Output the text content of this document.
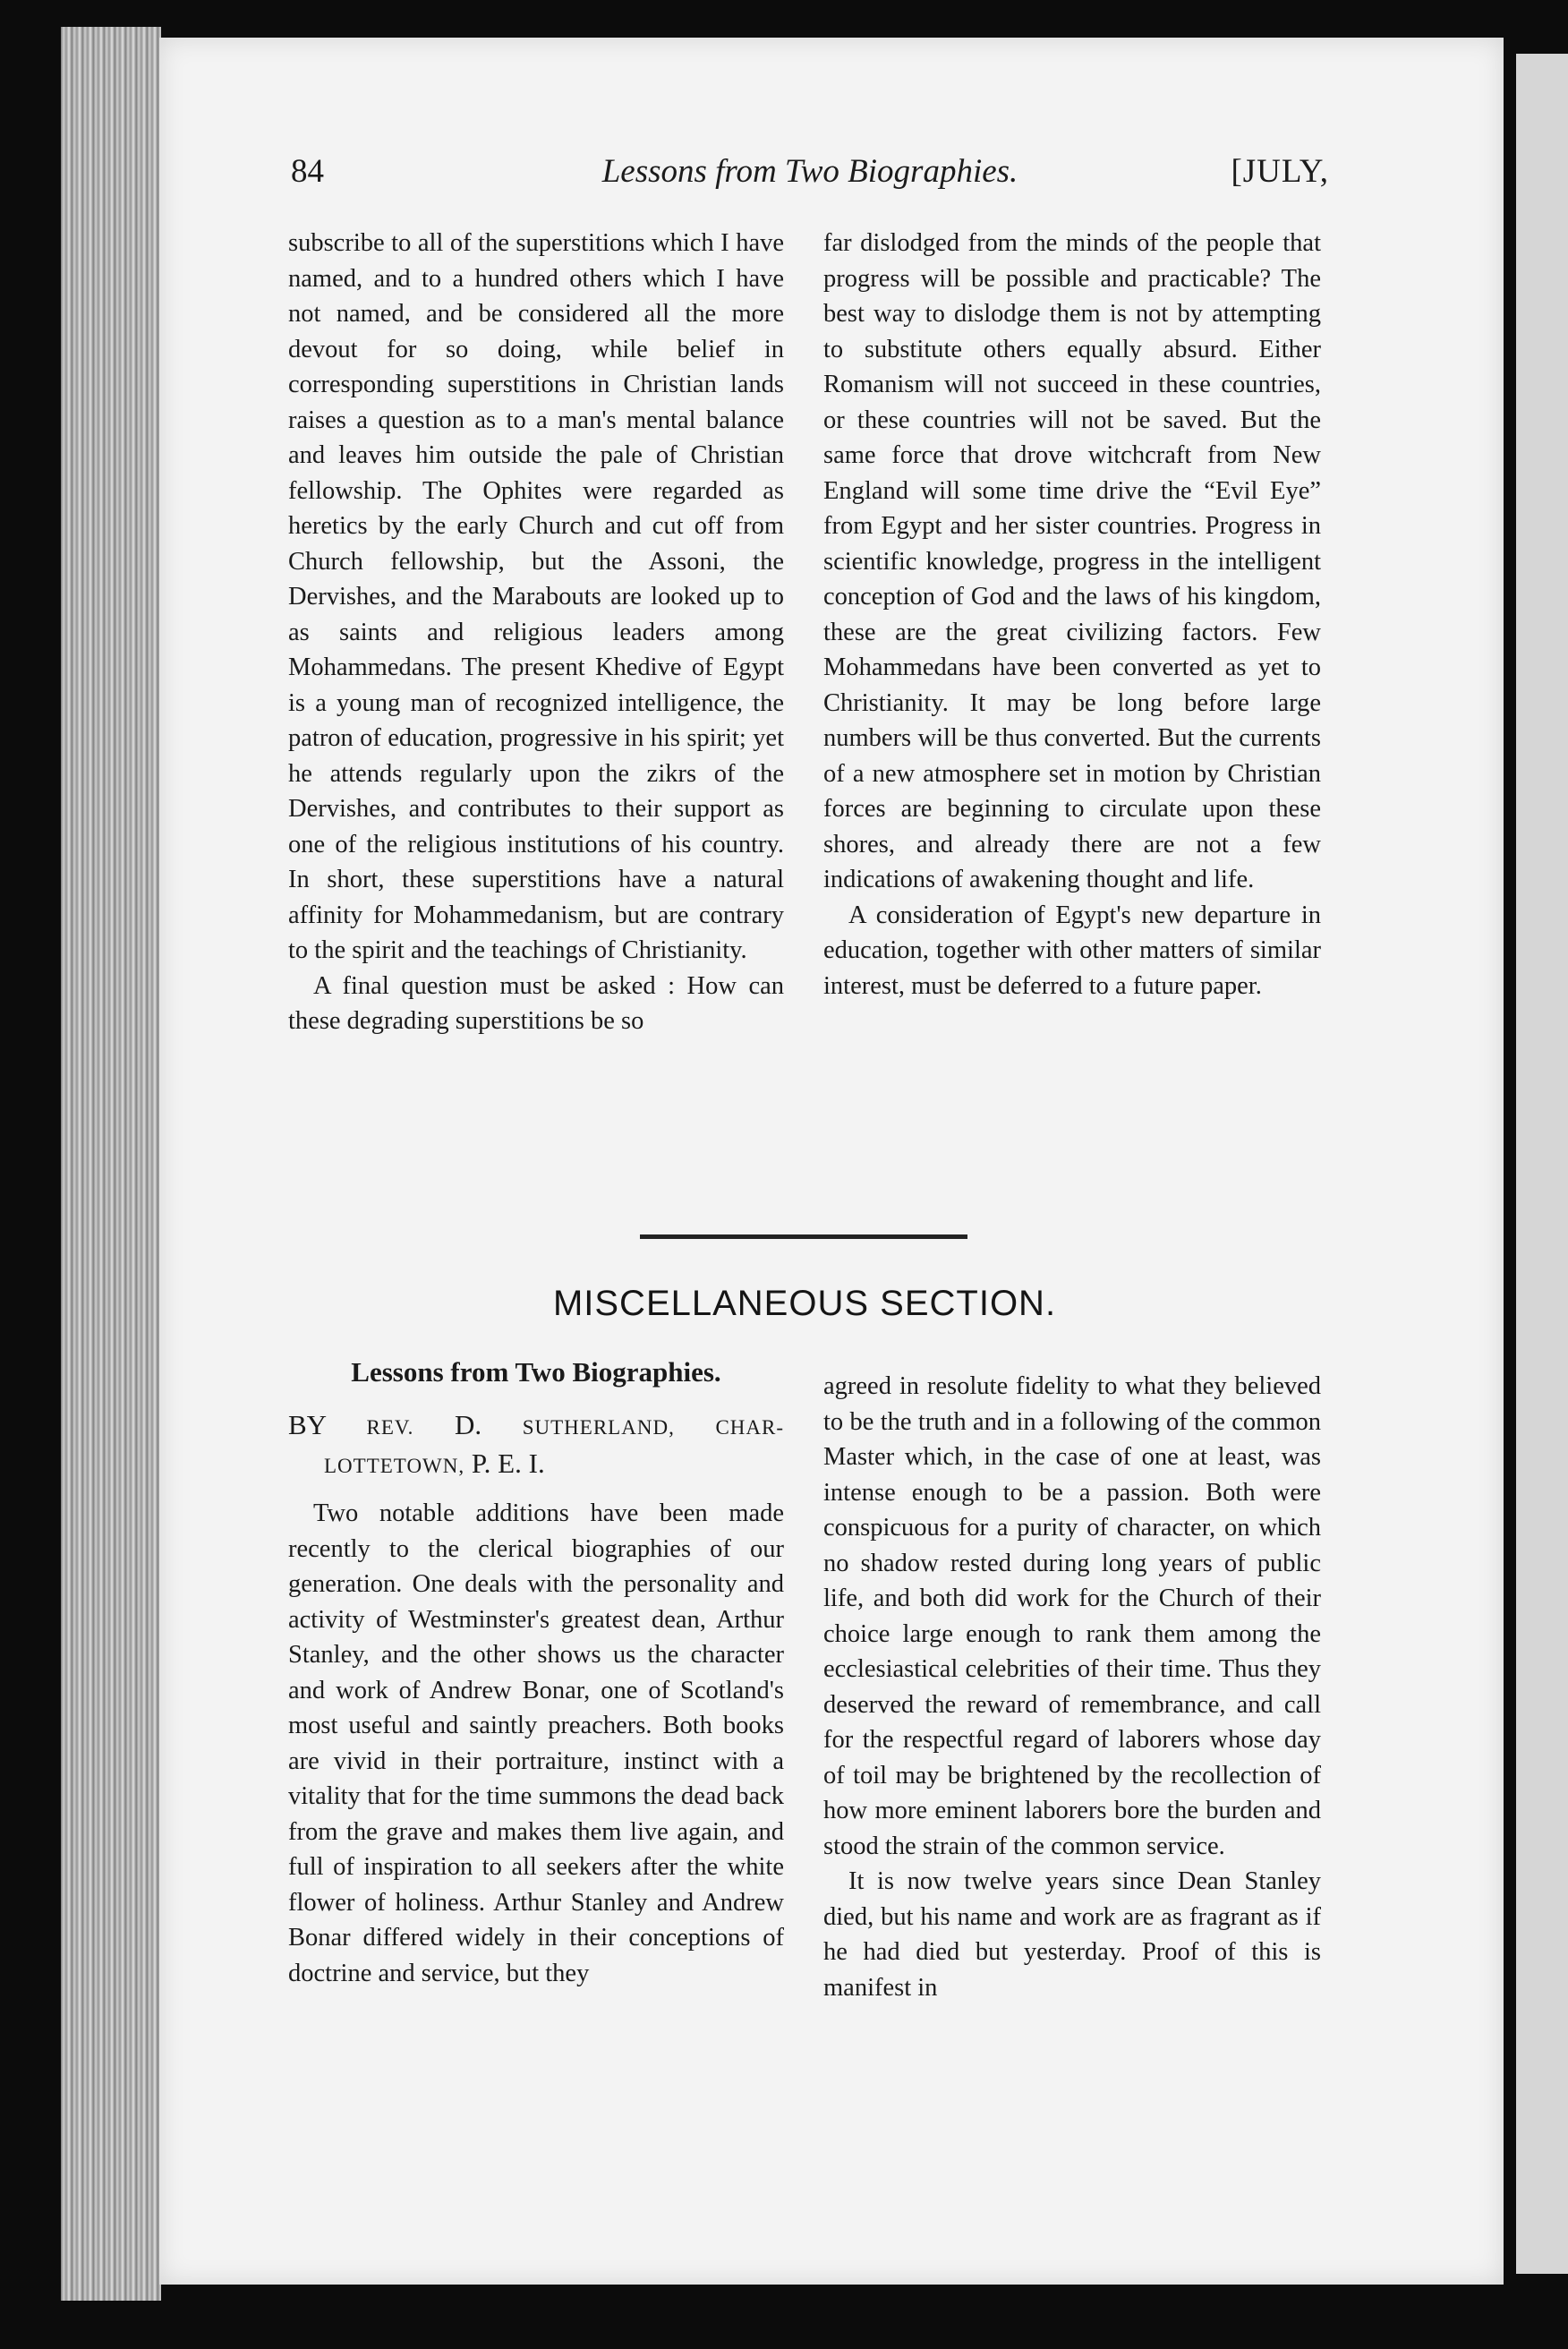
84	Lessons from Two Biographies.	[JULY,

subscribe to all of the superstitions which I have named, and to a hundred others which I have not named, and be considered all the more devout for so doing, while belief in corresponding superstitions in Christian lands raises a question as to a man's mental balance and leaves him outside the pale of Christian fellowship. The Ophites were regarded as heretics by the early Church and cut off from Church fellowship, but the Assoni, the Dervishes, and the Marabouts are looked up to as saints and religious leaders among Mohammedans. The present Khedive of Egypt is a young man of recognized intelligence, the patron of education, progressive in his spirit; yet he attends regularly upon the zikrs of the Dervishes, and contributes to their support as one of the religious institutions of his country. In short, these superstitions have a natural affinity for Mohammedanism, but are contrary to the spirit and the teachings of Christianity.

A final question must be asked : How can these degrading superstitions be so

far dislodged from the minds of the people that progress will be possible and practicable? The best way to dislodge them is not by attempting to substitute others equally absurd. Either Romanism will not succeed in these countries, or these countries will not be saved. But the same force that drove witchcraft from New England will some time drive the “Evil Eye” from Egypt and her sister countries. Progress in scientific knowledge, progress in the intelligent conception of God and the laws of his kingdom, these are the great civilizing factors. Few Mohammedans have been converted as yet to Christianity. It may be long before large numbers will be thus converted. But the currents of a new atmosphere set in motion by Christian forces are beginning to circulate upon these shores, and already there are not a few indications of awakening thought and life.

A consideration of Egypt's new departure in education, together with other matters of similar interest, must be deferred to a future paper.

MISCELLANEOUS SECTION.
Lessons from Two Biographies.
BY REV. D. SUTHERLAND, CHAR-
LOTTETOWN, P. E. I.

Two notable additions have been made recently to the clerical biographies of our generation. One deals with the personality and activity of Westminster's greatest dean, Arthur Stanley, and the other shows us the character and work of Andrew Bonar, one of Scotland's most useful and saintly preachers. Both books are vivid in their portraiture, instinct with a vitality that for the time summons the dead back from the grave and makes them live again, and full of inspiration to all seekers after the white flower of holiness. Arthur Stanley and Andrew Bonar differed widely in their conceptions of doctrine and service, but they

agreed in resolute fidelity to what they believed to be the truth and in a following of the common Master which, in the case of one at least, was intense enough to be a passion. Both were conspicuous for a purity of character, on which no shadow rested during long years of public life, and both did work for the Church of their choice large enough to rank them among the ecclesiastical celebrities of their time. Thus they deserved the reward of remembrance, and call for the respectful regard of laborers whose day of toil may be brightened by the recollection of how more eminent laborers bore the burden and stood the strain of the common service.

It is now twelve years since Dean Stanley died, but his name and work are as fragrant as if he had died but yesterday. Proof of this is manifest in
